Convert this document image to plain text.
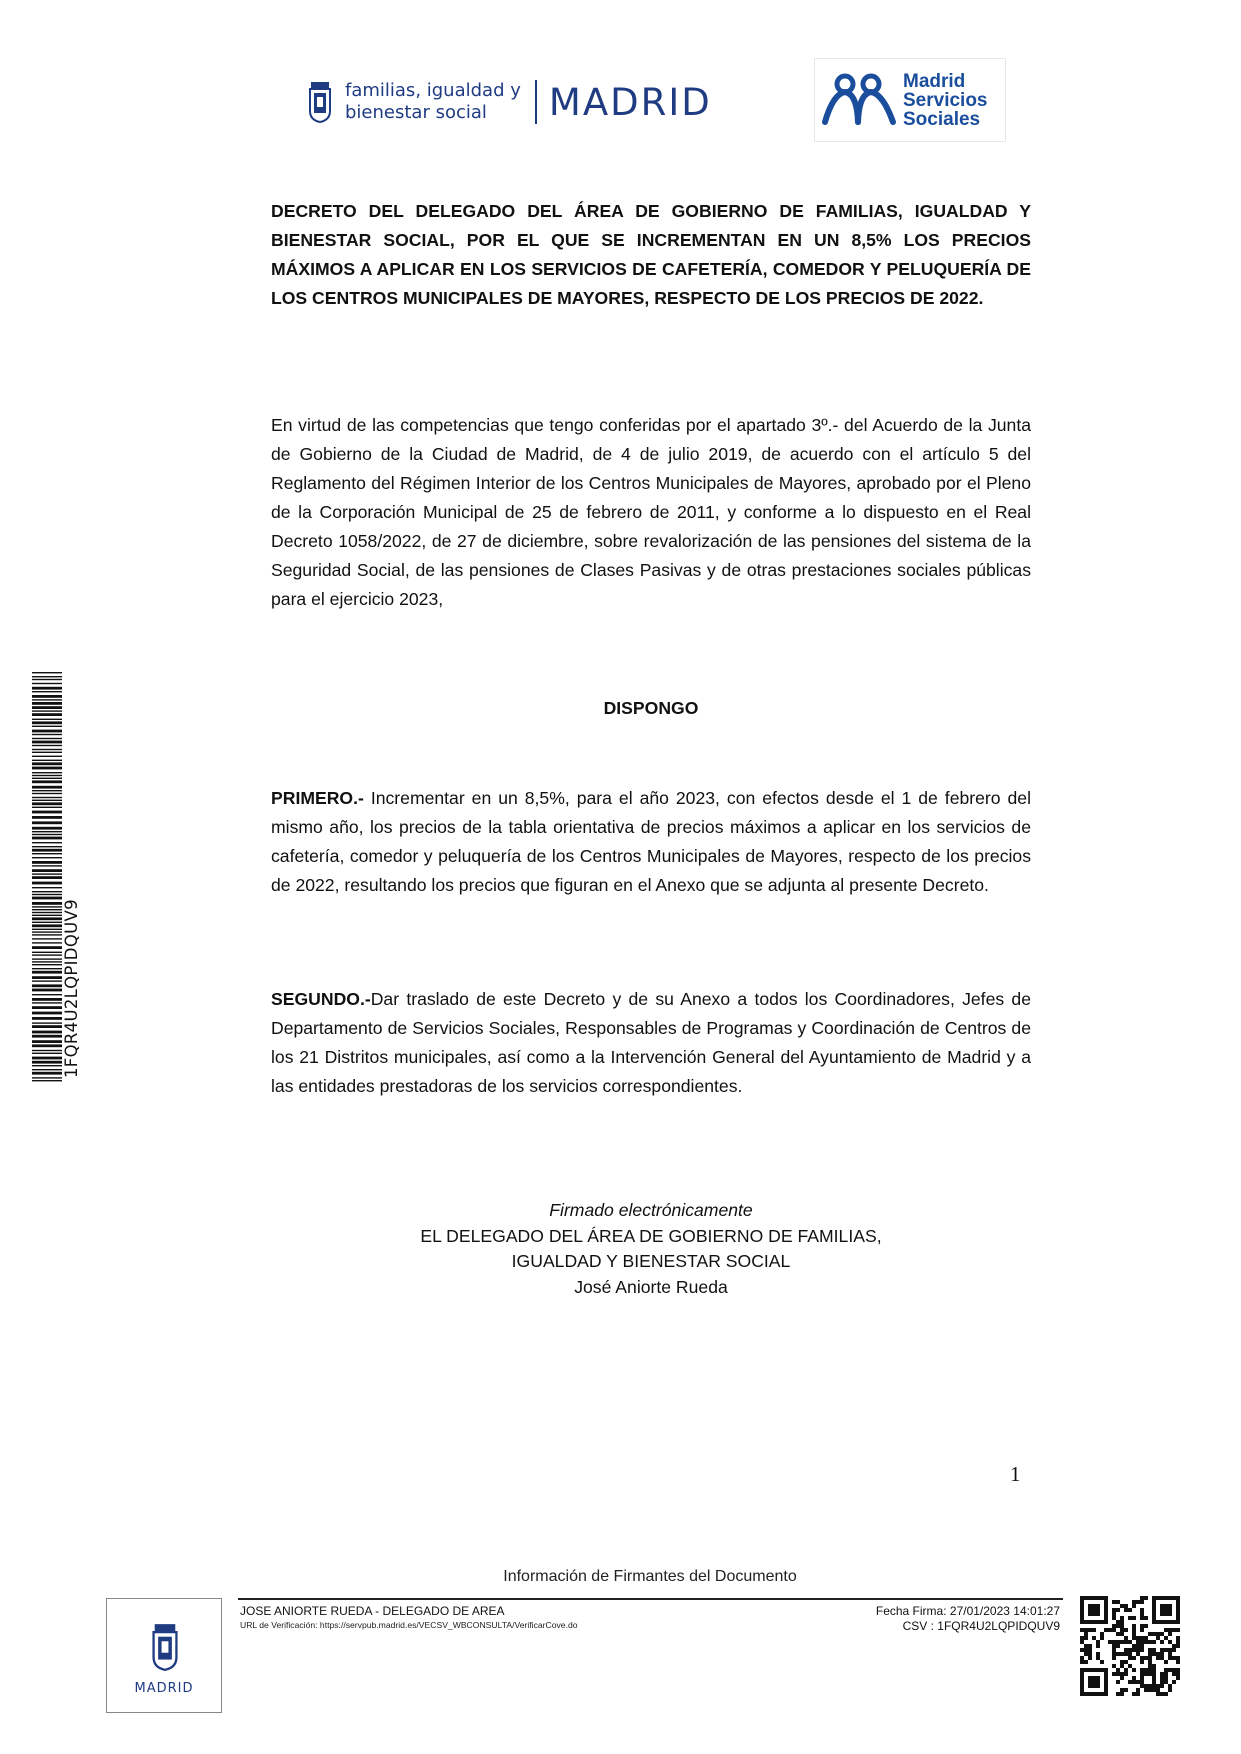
familias, igualdad y
bienestar social	MADRID	Madrid
Servicios
Sociales
DECRETO DEL DELEGADO DEL ÁREA DE GOBIERNO DE FAMILIAS, IGUALDAD Y BIENESTAR SOCIAL, POR EL QUE SE INCREMENTAN EN UN 8,5% LOS PRECIOS MÁXIMOS A APLICAR EN LOS SERVICIOS DE CAFETERÍA, COMEDOR Y PELUQUERÍA DE LOS CENTROS MUNICIPALES DE MAYORES, RESPECTO DE LOS PRECIOS DE 2022.
En virtud de las competencias que tengo conferidas por el apartado 3º.- del Acuerdo de la Junta de Gobierno de la Ciudad de Madrid, de 4 de julio 2019, de acuerdo con el artículo 5 del Reglamento del Régimen Interior de los Centros Municipales de Mayores, aprobado por el Pleno de la Corporación Municipal de 25 de febrero de 2011, y conforme a lo dispuesto en el Real Decreto 1058/2022, de 27 de diciembre, sobre revalorización de las pensiones del sistema de la Seguridad Social, de las pensiones de Clases Pasivas y de otras prestaciones sociales públicas para el ejercicio 2023,
DISPONGO
PRIMERO.- Incrementar en un 8,5%, para el año 2023, con efectos desde el 1 de febrero del mismo año, los precios de la tabla orientativa de precios máximos a aplicar en los servicios de cafetería, comedor y peluquería de los Centros Municipales de Mayores, respecto de los precios de 2022, resultando los precios que figuran en el Anexo que se adjunta al presente Decreto.
SEGUNDO.-Dar traslado de este Decreto y de su Anexo a todos los Coordinadores, Jefes de Departamento de Servicios Sociales, Responsables de Programas y Coordinación de Centros de los 21 Distritos municipales, así como a la Intervención General del Ayuntamiento de Madrid y a las entidades prestadoras de los servicios correspondientes.
Firmado electrónicamente
EL DELEGADO DEL ÁREA DE GOBIERNO DE FAMILIAS,
IGUALDAD Y BIENESTAR SOCIAL
José Aniorte Rueda
1
1FQR4U2LQPIDQUV9
Información de Firmantes del Documento
MADRID
JOSE ANIORTE RUEDA - DELEGADO DE AREA
URL de Verificación: https://servpub.madrid.es/VECSV_WBCONSULTA/VerificarCove.do
Fecha Firma: 27/01/2023 14:01:27
CSV : 1FQR4U2LQPIDQUV9
